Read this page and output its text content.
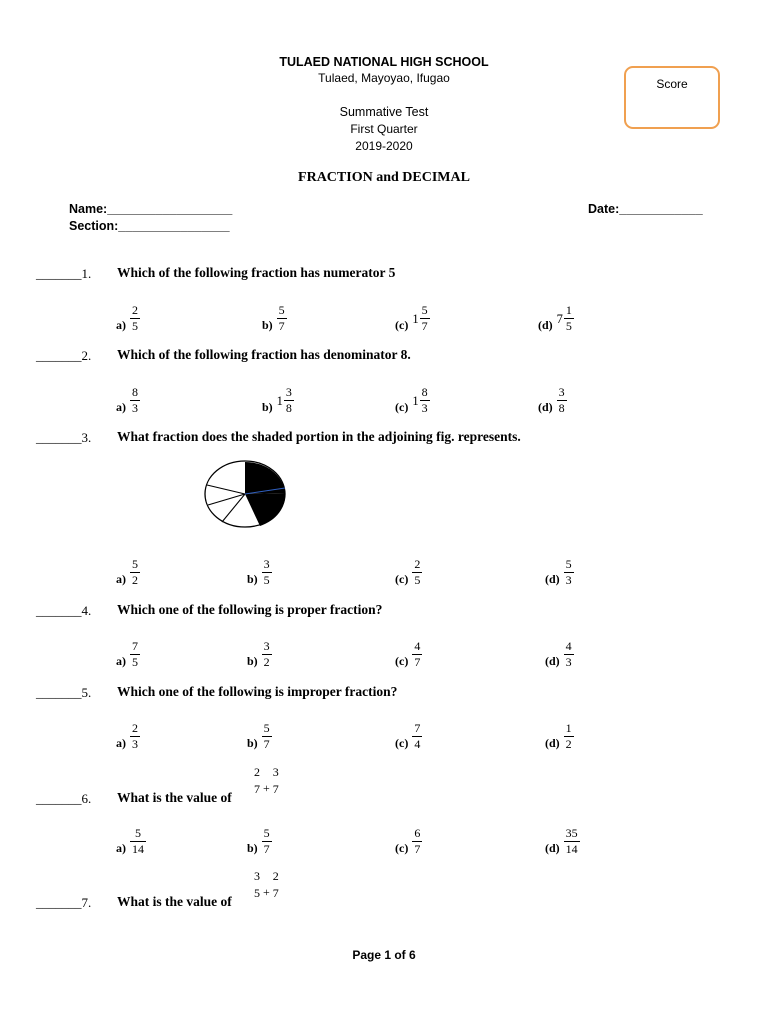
TULAED NATIONAL HIGH SCHOOL
Tulaed, Mayoyao, Ifugao
Summative Test
First Quarter
2019-2020
FRACTION and DECIMAL
Score
Name:__________________
Section:________________
Date:____________
_______1. Which of the following fraction has numerator 5
$a) \frac{2}{5}$	$b) \frac{5}{7}$	(c) $1 \frac{5}{7}$	(d) $7 \frac{1}{5}$
_______2. Which of the following fraction has denominator 8.
$a) \frac{8}{3}$	b) $1 \frac{3}{8}$	(c) $1 \frac{8}{3}$	$(d) \frac{3}{8}$
_______3. What fraction does the shaded portion in the adjoining fig. represents.
$a) \frac{5}{2}$	$b) \frac{3}{5}$	$(c) \frac{2}{5}$	$(d) \frac{5}{3}$
_______4. Which one of the following is proper fraction?
$a) \frac{7}{5}$	$b) \frac{3}{2}$	$(c) \frac{4}{7}$	$(d) \frac{4}{3}$
_______5. Which one of the following is improper fraction?
$a) \frac{2}{3}$	$b) \frac{5}{7}$	$(c) \frac{7}{4}$	$(d) \frac{1}{2}$
_______6. What is the value of
2
7 +
3
7
$a) \frac{5}{14}$	$b) \frac{5}{7}$	$(c) \frac{6}{7}$	$(d) \frac{35}{14}$
_______7. What is the value of
3
5 +
2
7
Page 1 of 6
